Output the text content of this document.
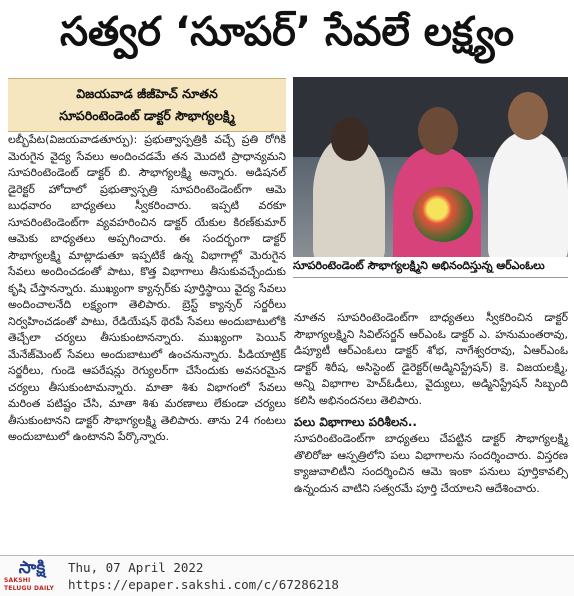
సత్వర ‘సూపర్’ సేవలే లక్ష్యం
విజయవాడ జీజీహెచ్ నూతన
సూపరింటెండెంట్ డాక్టర్ సౌభాగ్యలక్ష్మి

లబ్బీపేట(విజయవాడతూర్పు): ప్రభుత్వాస్పత్రికి వచ్చే ప్రతి రోగికి మెరుగైన వైద్య సేవలు అందించడమే తన మొదటి ప్రాధాన్యమని సూపరింటెండెంట్ డాక్టర్ బి. సౌభాగ్యలక్ష్మి అన్నారు. అడిషనల్ డైరెక్టర్ హోదాలో ప్రభుత్వాస్పత్రి సూపరింటెండెంట్‌గా ఆమె బుధవారం బాధ్యతలు స్వీకరించారు. ఇప్పటి వరకూ సూపరింటెండెంట్‌గా వ్యవహరించిన డాక్టర్ యేకుల కిరణ్‌కుమార్ ఆమెకు బాధ్యతలు అప్పగించారు. ఈ సందర్భంగా డాక్టర్ సౌభాగ్యలక్ష్మి మాట్లాడుతూ ఇప్పటికే ఉన్న విభాగాల్లో మెరుగైన సేవలు అందించడంతో పాటు, కొత్త విభాగాలు తీసుకువచ్చేందుకు కృషి చేస్తానన్నారు. ముఖ్యంగా క్యాన్సర్‌కు పూర్తిస్థాయి వైద్య సేవలు అందించాలనేది లక్ష్యంగా తెలిపారు. బ్రెస్ట్ క్యాన్సర్ సర్జరీలు నిర్వహించడంతో పాటు, రేడియేషన్ థెరపీ సేవలు అందుబాటులోకి తెచ్చేలా చర్యలు తీసుకుంటానన్నారు. ముఖ్యంగా పెయిన్ మేనేజ్‌మెంట్ సేవలు అందుబాటులో ఉంచనున్నారు. పీడియాట్రిక్ సర్జరీలు, గుండె ఆపరేషన్లు రెగ్యులర్‌గా చేసేందుకు అవసరమైన చర్యలు తీసుకుంటామన్నారు. మాతా శిశు విభాగంలో సేవలు మరింత పటిష్టం చేసి, మాతా శిశు మరణాలు లేకుండా చర్యలు తీసుకుంటానని డాక్టర్ సౌభాగ్యలక్ష్మి తెలిపారు. తాను 24 గంటలు అందుబాటులో ఉంటానని పేర్కొన్నారు.

సూపరింటెండెంట్ సౌభాగ్యలక్ష్మిని అభినందిస్తున్న ఆర్‌ఎంఓలు

నూతన సూపరింటెండెంట్‌గా బాధ్యతలు స్వీకరించిన డాక్టర్ సౌభాగ్యలక్ష్మిని సివిల్‌సర్జన్ ఆర్‌ఎంఓ డాక్టర్ ఎ. హనుమంతరావు, డిప్యూటీ ఆర్‌ఎంఓలు డాక్టర్ శోభ, నాగేశ్వరరావు, ఏఆర్‌ఎంఓ డాక్టర్ శిరీష, అసిస్టెంట్ డైరెక్టర్(అడ్మినిస్ట్రేషన్) కె. విజయలక్ష్మి, అన్ని విభాగాల హెచ్‌ఓడీలు, వైద్యులు, అడ్మినిస్ట్రేషన్ సిబ్బంది కలిసి అభినందనలు తెలిపారు.

పలు విభాగాలు పరిశీలన..

సూపరింటెండెంట్‌గా బాధ్యతలు చేపట్టిన డాక్టర్ సౌభాగ్యలక్ష్మి తొలిరోజు ఆస్పత్రిలోని పలు విభాగాలను సందర్శించారు. విస్తరణ క్యాజువాలిటీని సందర్శించిన ఆమె ఇంకా పనులు పూర్తికావల్సి ఉన్నందున వాటిని సత్వరమే పూర్తి చేయాలని ఆదేశించారు.

సాక్షి
SAKSHI TELUGU DAILY
Thu, 07 April 2022
https://epaper.sakshi.com/c/67286218
